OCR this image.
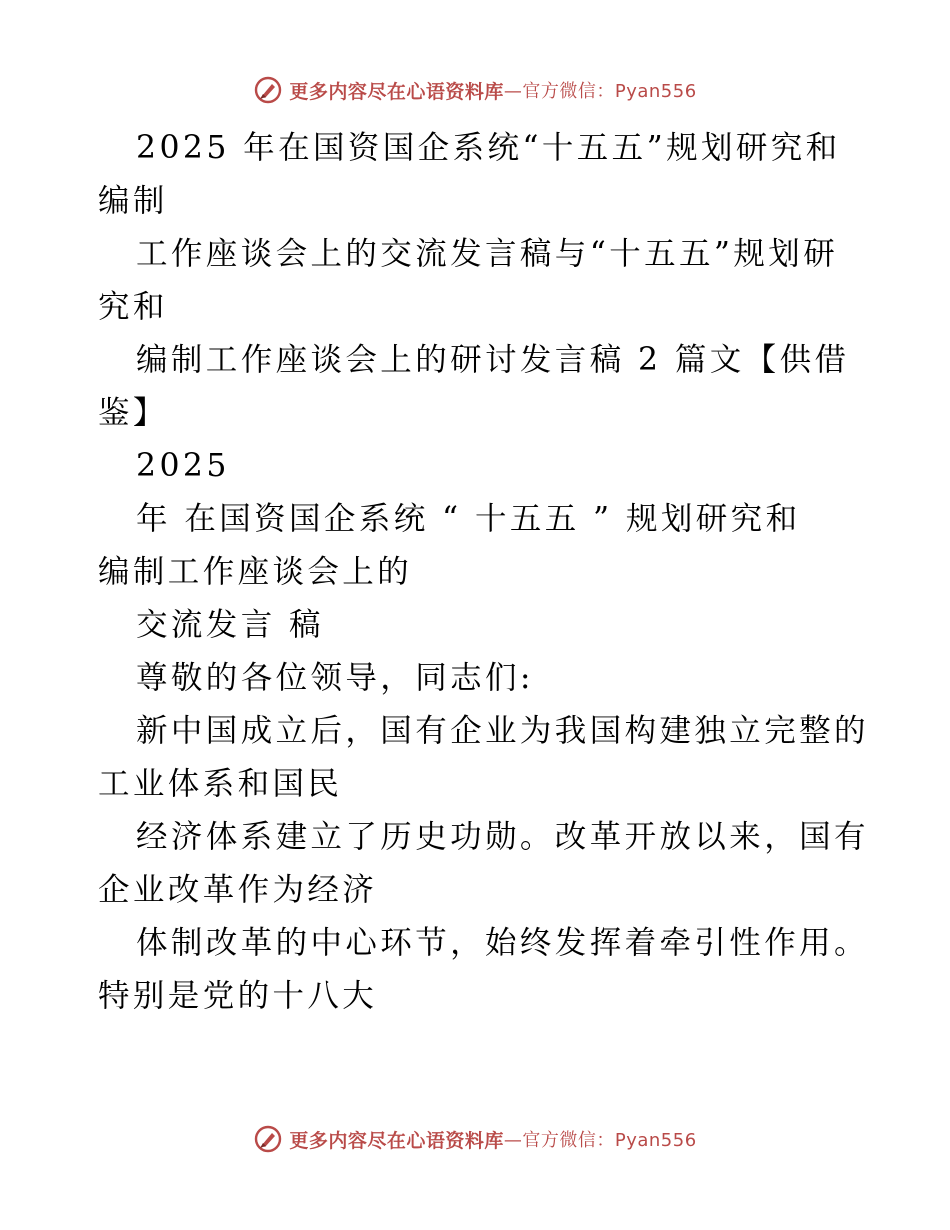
更多内容尽在心语资料库 —官方微信：Pyan556
2025 年在国资国企系统“十五五”规划研究和
编制
工作座谈会上的交流发言稿与“十五五”规划研
究和
编制工作座谈会上的研讨发言稿 2 篇文【供借
鉴】
2025
年 在国资国企系统 “ 十五五 ” 规划研究和
编制工作座谈会上的
交流发言 稿
尊敬的各位领导，同志们:
新中国成立后，国有企业为我国构建独立完整的
工业体系和国民
经济体系建立了历史功勋。改革开放以来，国有
企业改革作为经济
体制改革的中心环节，始终发挥着牵引性作用。
特别是党的十八大
更多内容尽在心语资料库 —官方微信：Pyan556
